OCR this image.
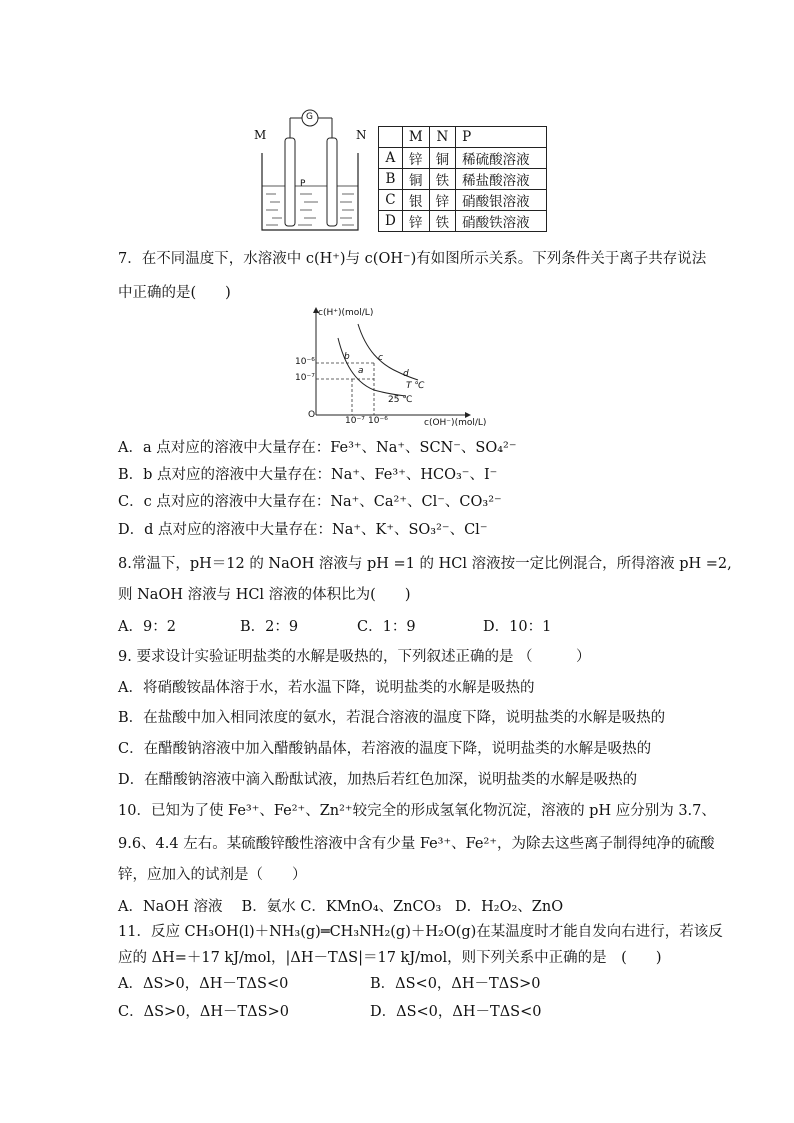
M	N
G
P
	M	N	P
A	锌	铜	稀硫酸溶液
B	铜	铁	稀盐酸溶液
C	银	锌	硝酸银溶液
D	锌	铁	硝酸铁溶液
7．在不同温度下，水溶液中 c(H⁺)与 c(OH⁻)有如图所示关系。下列条件关于离子共存说法
中正确的是(　　)
c(H⁺)(mol/L)
c(OH⁻)(mol/L)
O
10⁻⁶
10⁻⁷
10⁻⁷ 10⁻⁶
b	c
a	d
T ℃
25 ℃
A．a 点对应的溶液中大量存在：Fe³⁺、Na⁺、SCN⁻、SO₄²⁻
B．b 点对应的溶液中大量存在：Na⁺、Fe³⁺、HCO₃⁻、I⁻
C．c 点对应的溶液中大量存在：Na⁺、Ca²⁺、Cl⁻、CO₃²⁻
D．d 点对应的溶液中大量存在：Na⁺、K⁺、SO₃²⁻、Cl⁻
8.常温下，pH＝12 的 NaOH 溶液与 pH =1 的 HCl 溶液按一定比例混合，所得溶液 pH =2,
则 NaOH 溶液与 HCl 溶液的体积比为(　　)
A．9：2	B．2：9	C．1：9	D．10：1
9. 要求设计实验证明盐类的水解是吸热的，下列叙述正确的是 （　　　）
A．将硝酸铵晶体溶于水，若水温下降，说明盐类的水解是吸热的
B．在盐酸中加入相同浓度的氨水，若混合溶液的温度下降，说明盐类的水解是吸热的
C．在醋酸钠溶液中加入醋酸钠晶体，若溶液的温度下降，说明盐类的水解是吸热的
D．在醋酸钠溶液中滴入酚酞试液，加热后若红色加深，说明盐类的水解是吸热的
10．已知为了使 Fe³⁺、Fe²⁺、Zn²⁺较完全的形成氢氧化物沉淀，溶液的 pH 应分别为 3.7、
9.6、4.4 左右。某硫酸锌酸性溶液中含有少量 Fe³⁺、Fe²⁺，为除去这些离子制得纯净的硫酸
锌，应加入的试剂是（　　）
A．NaOH 溶液　 B．氨水 C．KMnO₄、ZnCO₃ D．H₂O₂、ZnO
11．反应 CH₃OH(l)＋NH₃(g)═CH₃NH₂(g)＋H₂O(g)在某温度时才能自发向右进行，若该反
应的 ΔH=＋17 kJ/mol，|ΔH－TΔS|＝17 kJ/mol，则下列关系中正确的是　(　　)
A．ΔS>0，ΔH－TΔS<0	B．ΔS<0，ΔH－TΔS>0
C．ΔS>0，ΔH－TΔS>0	D．ΔS<0，ΔH－TΔS<0
